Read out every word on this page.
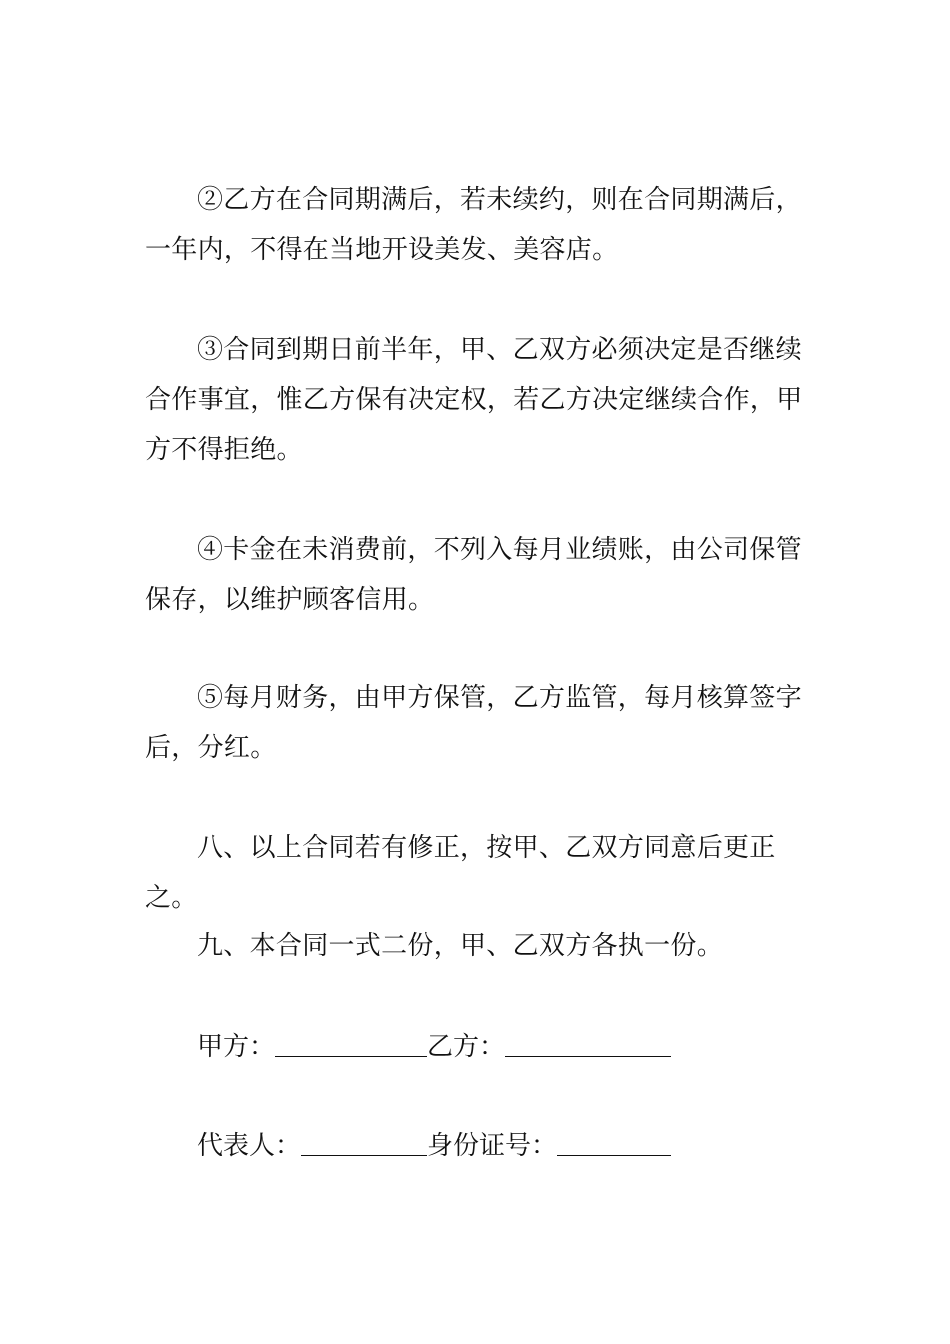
②乙方在合同期满后，若未续约，则在合同期满后，一年内，不得在当地开设美发、美容店。

③合同到期日前半年，甲、乙双方必须决定是否继续合作事宜，惟乙方保有决定权，若乙方决定继续合作，甲方不得拒绝。

④卡金在未消费前，不列入每月业绩账，由公司保管保存，以维护顾客信用。

⑤每月财务，由甲方保管，乙方监管，每月核算签字后，分红。

八、以上合同若有修正，按甲、乙双方同意后更正之。

九、本合同一式二份，甲、乙双方各执一份。

甲方：	乙方：
代表人：	身份证号：
